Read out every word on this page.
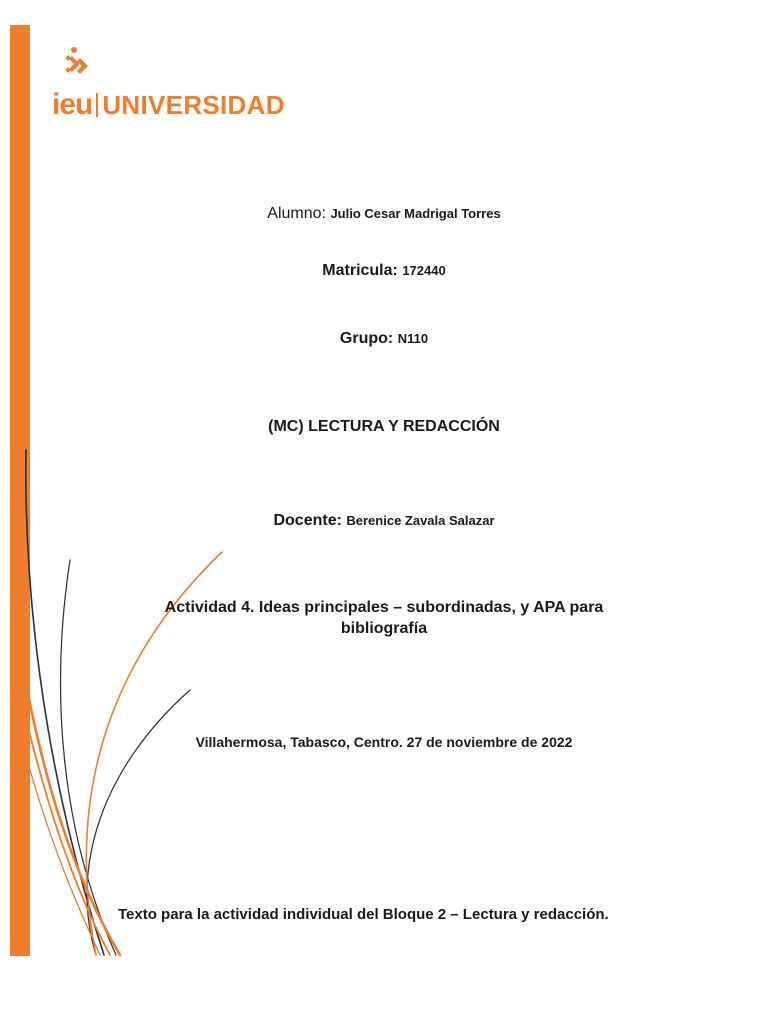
ieu UNIVERSIDAD
Alumno: Julio Cesar Madrigal Torres
Matricula: 172440
Grupo: N110
(MC) LECTURA Y REDACCIÓN
Docente: Berenice Zavala Salazar
Actividad 4. Ideas principales – subordinadas, y APA para
bibliografía
Villahermosa, Tabasco, Centro. 27 de noviembre de 2022
Texto para la actividad individual del Bloque 2 – Lectura y redacción.
